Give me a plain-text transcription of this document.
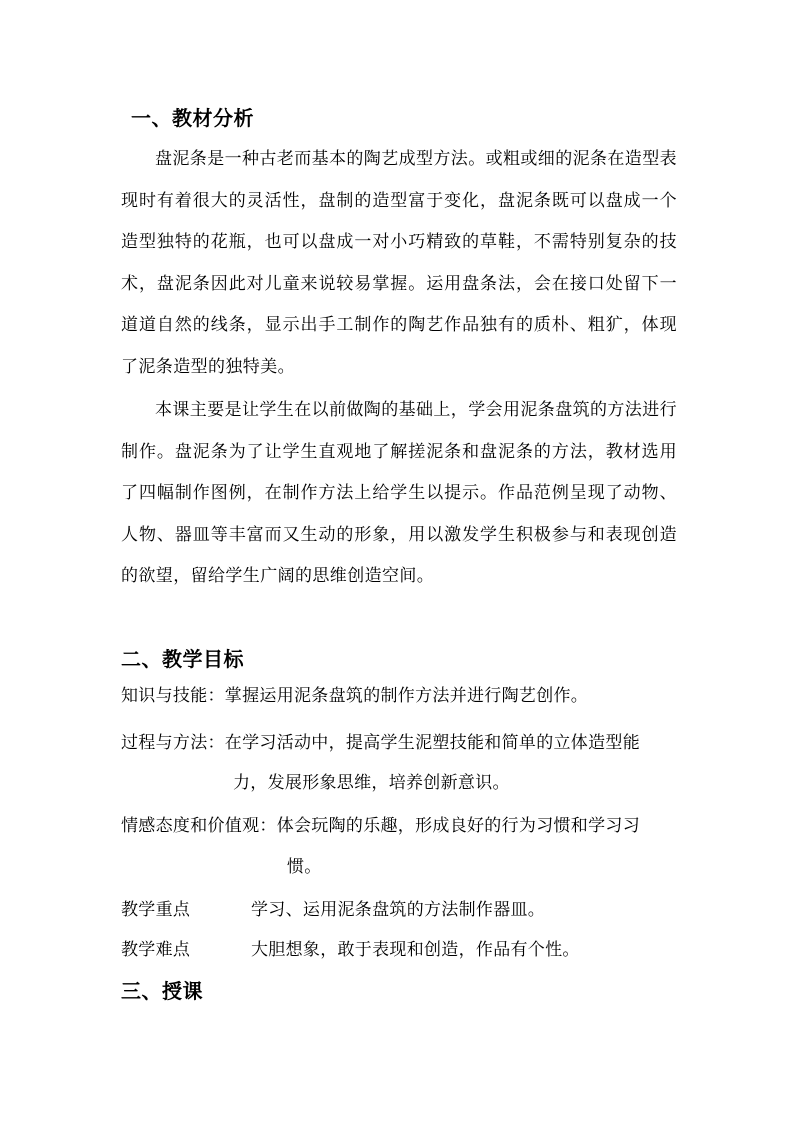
一、教材分析
盘泥条是一种古老而基本的陶艺成型方法。或粗或细的泥条在造型表现时有着很大的灵活性，盘制的造型富于变化，盘泥条既可以盘成一个造型独特的花瓶，也可以盘成一对小巧精致的草鞋，不需特别复杂的技术，盘泥条因此对儿童来说较易掌握。运用盘条法，会在接口处留下一道道自然的线条，显示出手工制作的陶艺作品独有的质朴、粗犷，体现了泥条造型的独特美。
本课主要是让学生在以前做陶的基础上，学会用泥条盘筑的方法进行制作。盘泥条为了让学生直观地了解搓泥条和盘泥条的方法，教材选用了四幅制作图例，在制作方法上给学生以提示。作品范例呈现了动物、人物、器皿等丰富而又生动的形象，用以激发学生积极参与和表现创造的欲望，留给学生广阔的思维创造空间。
二、教学目标
知识与技能：掌握运用泥条盘筑的制作方法并进行陶艺创作。
过程与方法：在学习活动中，提高学生泥塑技能和简单的立体造型能
力，发展形象思维，培养创新意识。
情感态度和价值观：体会玩陶的乐趣，形成良好的行为习惯和学习习
惯。
教学重点	学习、运用泥条盘筑的方法制作器皿。
教学难点	大胆想象，敢于表现和创造，作品有个性。
三、授课
